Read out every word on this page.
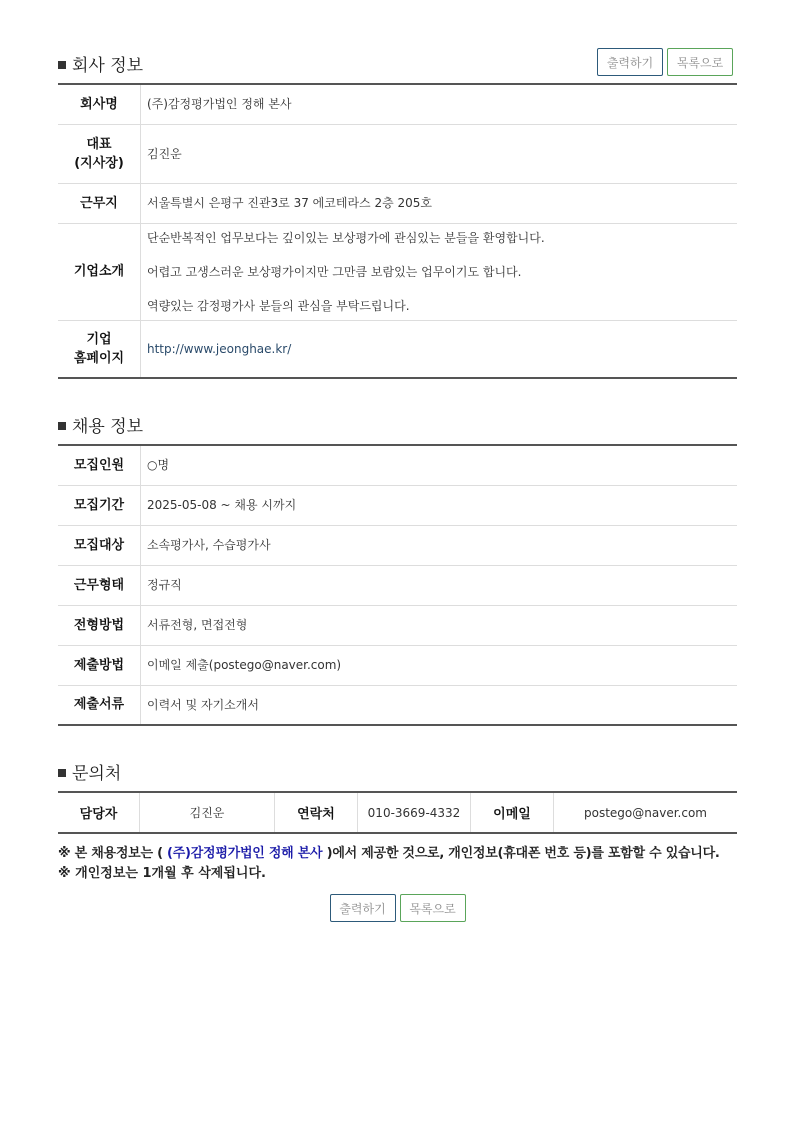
회사 정보	출력하기	목록으로
회사명	(주)감정평가법인 정해 본사
대표
(지사장)	김진운
근무지	서울특별시 은평구 진관3로 37 에코테라스 2층 205호
기업소개	단순반복적인 업무보다는 깊이있는 보상평가에 관심있는 분들을 환영합니다.
어렵고 고생스러운 보상평가이지만 그만큼 보람있는 업무이기도 합니다.
역량있는 감정평가사 분들의 관심을 부탁드립니다.

기업
홈페이지	http://www.jeonghae.kr/
채용 정보
모집인원	○명
모집기간	2025-05-08 ~ 채용 시까지
모집대상	소속평가사, 수습평가사
근무형태	정규직
전형방법	서류전형, 면접전형
제출방법	이메일 제출(postego@naver.com)
제출서류	이력서 및 자기소개서
문의처
담당자	김진운	연락처	010-3669-4332	이메일	postego@naver.com
※ 본 채용정보는 ( (주)감정평가법인 정해 본사 )에서 제공한 것으로, 개인정보(휴대폰 번호 등)를 포함할 수 있습니다.
※ 개인정보는 1개월 후 삭제됩니다.
출력하기	목록으로
